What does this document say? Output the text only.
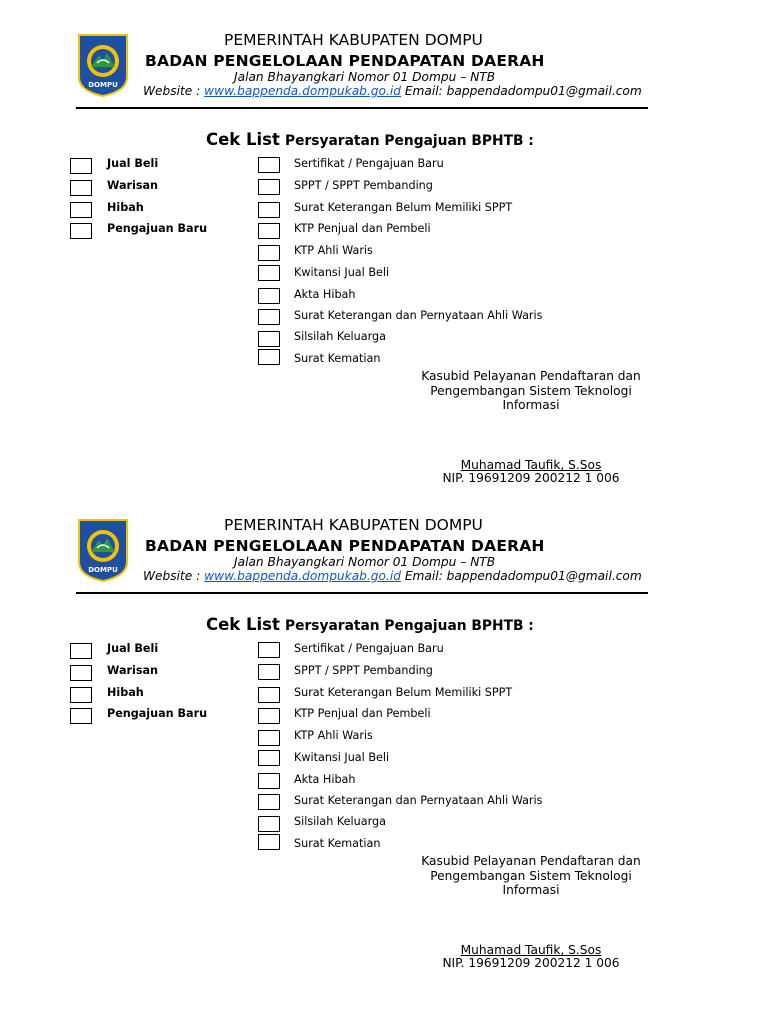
DOMPU
PEMERINTAH KABUPATEN DOMPU
BADAN PENGELOLAAN PENDAPATAN DAERAH
Jalan Bhayangkari Nomor 01 Dompu – NTB
Website : www.bappenda.dompukab.go.id Email: bappendadompu01@gmail.com
Cek List Persyaratan Pengajuan BPHTB :
Jual Beli
Warisan
Hibah
Pengajuan Baru
Sertifikat / Pengajuan Baru
SPPT / SPPT Pembanding
Surat Keterangan Belum Memiliki SPPT
KTP Penjual dan Pembeli
KTP Ahli Waris
Kwitansi Jual Beli
Akta Hibah
Surat Keterangan dan Pernyataan Ahli Waris
Silsilah Keluarga
Surat Kematian
Kasubid Pelayanan Pendaftaran dan
Pengembangan Sistem Teknologi
Informasi
Muhamad Taufik, S.Sos
NIP. 19691209 200212 1 006
DOMPU
PEMERINTAH KABUPATEN DOMPU
BADAN PENGELOLAAN PENDAPATAN DAERAH
Jalan Bhayangkari Nomor 01 Dompu – NTB
Website : www.bappenda.dompukab.go.id Email: bappendadompu01@gmail.com
Cek List Persyaratan Pengajuan BPHTB :
Jual Beli
Warisan
Hibah
Pengajuan Baru
Sertifikat / Pengajuan Baru
SPPT / SPPT Pembanding
Surat Keterangan Belum Memiliki SPPT
KTP Penjual dan Pembeli
KTP Ahli Waris
Kwitansi Jual Beli
Akta Hibah
Surat Keterangan dan Pernyataan Ahli Waris
Silsilah Keluarga
Surat Kematian
Kasubid Pelayanan Pendaftaran dan
Pengembangan Sistem Teknologi
Informasi
Muhamad Taufik, S.Sos
NIP. 19691209 200212 1 006
